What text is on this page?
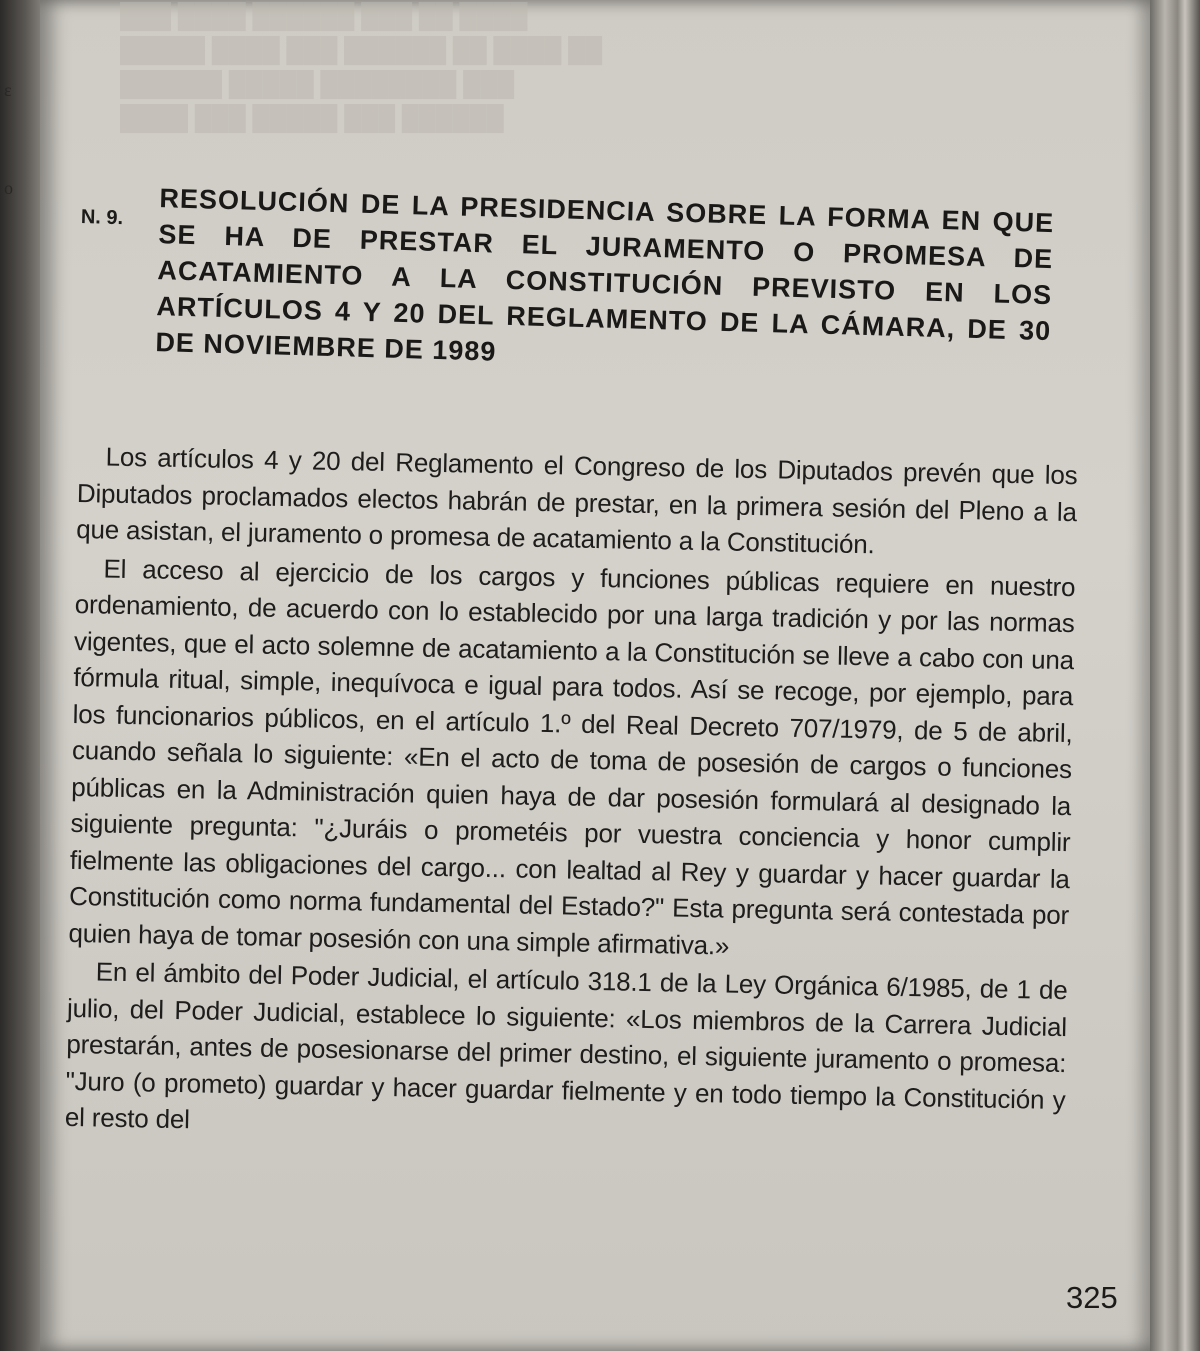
ε
ο
████ ██ ███ ██████ ████ ███
██ ████ ██ ██████ ███ ████ █████
███ ████████ █████ ██████
██████ ███ █████ ███ ████
N. 9. RESOLUCIÓN DE LA PRESIDENCIA SOBRE LA FORMA EN QUE SE HA DE PRESTAR EL JURAMENTO O PROMESA DE ACATAMIENTO A LA CONSTITUCIÓN PREVISTO EN LOS ARTÍCULOS 4 Y 20 DEL REGLAMENTO DE LA CÁMARA, DE 30 DE NOVIEMBRE DE 1989

Los artículos 4 y 20 del Reglamento el Congreso de los Diputados prevén que los Diputados proclamados electos habrán de prestar, en la primera sesión del Pleno a la que asistan, el juramento o promesa de acatamiento a la Constitución.

El acceso al ejercicio de los cargos y funciones públicas requiere en nuestro ordenamiento, de acuerdo con lo establecido por una larga tradición y por las normas vigentes, que el acto solemne de acatamiento a la Constitución se lleve a cabo con una fórmula ritual, simple, inequívoca e igual para todos. Así se recoge, por ejemplo, para los funcionarios públicos, en el artículo 1.º del Real Decreto 707/1979, de 5 de abril, cuando señala lo siguiente: «En el acto de toma de posesión de cargos o funciones públicas en la Administración quien haya de dar posesión formulará al designado la siguiente pregunta: "¿Juráis o prometéis por vuestra conciencia y honor cumplir fielmente las obligaciones del cargo... con lealtad al Rey y guardar y hacer guardar la Constitución como norma fundamental del Estado?" Esta pregunta será contestada por quien haya de tomar posesión con una simple afirmativa.»

En el ámbito del Poder Judicial, el artículo 318.1 de la Ley Orgánica 6/1985, de 1 de julio, del Poder Judicial, establece lo siguiente: «Los miembros de la Carrera Judicial prestarán, antes de posesionarse del primer destino, el siguiente juramento o promesa: "Juro (o prometo) guardar y hacer guardar fielmente y en todo tiempo la Constitución y el resto del

325
